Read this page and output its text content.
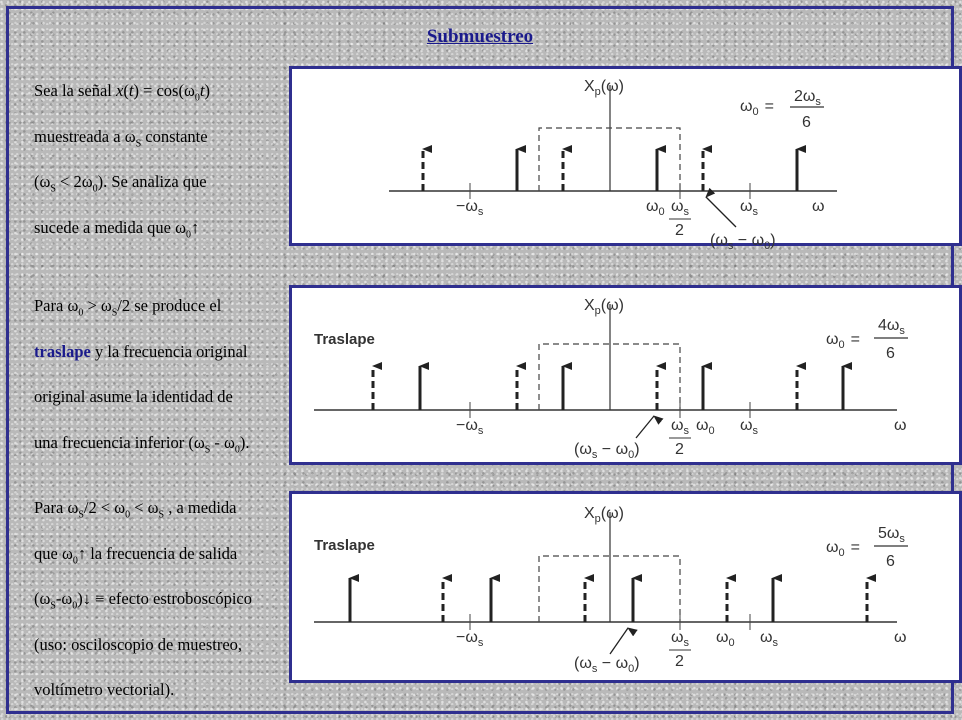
Submuestreo
Sea la señal $x(t) = \cos(\omega_0t)$
muestreada a $\omega_S$ constante
$(\omega_S < 2\omega_0)$. Se analiza que
sucede a medida que $\omega_0↑$
Para $\omega_0 > \omega_S/2$ se produce el
traslape y la frecuencia original
original asume la identidad de
una frecuencia inferior $(\omega_S - \omega_0)$.
Para $\omega_S/2 < \omega_0 < \omega_S$ , a medida
que $\omega_0↑$ la frecuencia de salida
$(\omega_S-\omega_0)↓$ ≡ efecto estroboscópico
(uso: osciloscopio de muestreo,
voltímetro vectorial).
$X_p(\omega)$
$\omega_0$ =
$2\omega_s$
6
$-\omega_s$	$\omega_0$ $\omega_s$
2
$\omega_s$	ω
$(\omega_s - \omega_0)$
Traslape
$X_p(\omega)$
$\omega_0$ =
$4\omega_s$
6
$-\omega_s$	$\omega_s$
2
$\omega_0$ $\omega_s$	ω
$(\omega_s - \omega_0)$
Traslape
$X_p(\omega)$
$\omega_0$ =
$5\omega_s$
6
$-\omega_s$	$\omega_s$
2
$\omega_0$ $\omega_s$	ω
$(\omega_s - \omega_0)$
